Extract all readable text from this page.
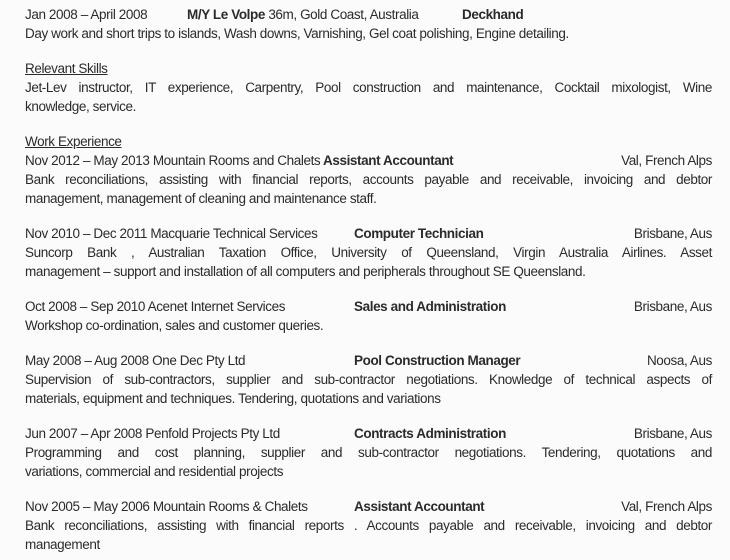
Jan 2008 – April 2008	M/Y Le Volpe 36m, Gold Coast, Australia	Deckhand
Day work and short trips to islands, Wash downs, Varnishing, Gel coat polishing, Engine detailing.
Relevant Skills
Jet-Lev instructor, IT experience, Carpentry, Pool construction and maintenance, Cocktail mixologist, Wine
knowledge, service.
Work Experience
Nov 2012 – May 2013 Mountain Rooms and Chalets Assistant Accountant	Val, French Alps
Bank reconciliations, assisting with financial reports, accounts payable and receivable, invoicing and debtor
management, management of cleaning and maintenance staff.
Nov 2010 – Dec 2011 Macquarie Technical Services	Computer Technician	Brisbane, Aus
Suncorp Bank , Australian Taxation Office, University of Queensland, Virgin Australia Airlines. Asset
management – support and installation of all computers and peripherals throughout SE Queensland.
Oct 2008 – Sep 2010 Acenet Internet Services	Sales and Administration	Brisbane, Aus
Workshop co-ordination, sales and customer queries.
May 2008 – Aug 2008 One Dec Pty Ltd	Pool Construction Manager	Noosa, Aus
Supervision of sub-contractors, supplier and sub-contractor negotiations. Knowledge of technical aspects of
materials, equipment and techniques. Tendering, quotations and variations
Jun 2007 – Apr 2008 Penfold Projects Pty Ltd	Contracts Administration	Brisbane, Aus
Programming and cost planning, supplier and sub-contractor negotiations. Tendering, quotations and
variations, commercial and residential projects
Nov 2005 – May 2006 Mountain Rooms & Chalets	Assistant Accountant	Val, French Alps
Bank reconciliations, assisting with financial reports . Accounts payable and receivable, invoicing and debtor
management
